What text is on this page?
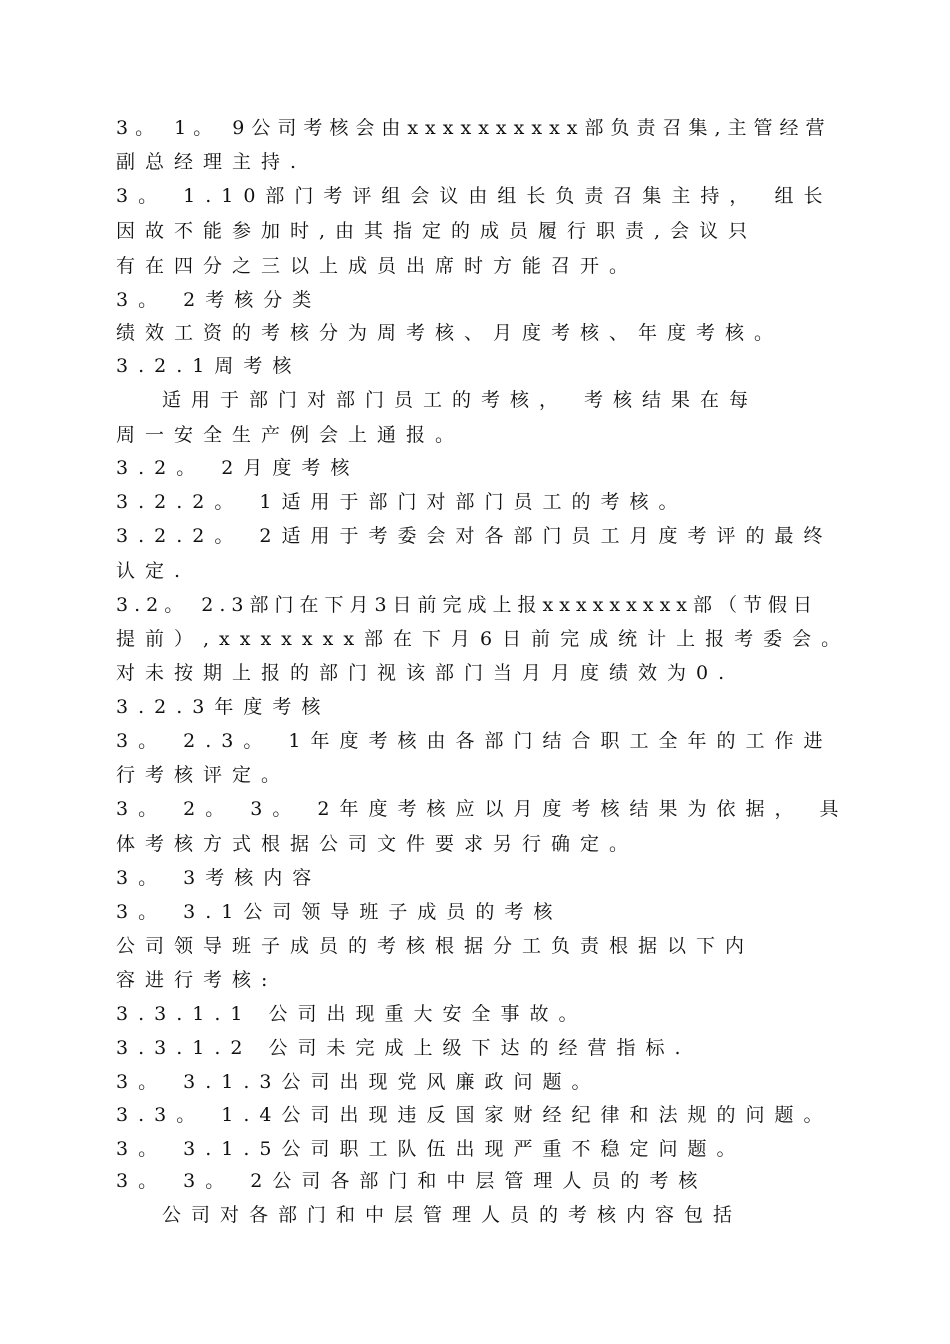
3。 1。 9公司考核会由xxxxxxxxxx部负责召集,主管经营
副总经理主持.
3。 1.10部门考评组会议由组长负责召集主持， 组长
因故不能参加时,由其指定的成员履行职责,会议只
有在四分之三以上成员出席时方能召开。
3。 2考核分类
绩效工资的考核分为周考核、月度考核、年度考核。
3.2.1周考核
适用于部门对部门员工的考核， 考核结果在每
周一安全生产例会上通报。
3.2。 2月度考核
3.2.2。 1适用于部门对部门员工的考核。
3.2.2。 2适用于考委会对各部门员工月度考评的最终
认定.
3.2。 2.3部门在下月3日前完成上报xxxxxxxxx部（节假日
提前）,xxxxxxx部在下月6日前完成统计上报考委会。
对未按期上报的部门视该部门当月月度绩效为0.
3.2.3年度考核
3。 2.3。 1年度考核由各部门结合职工全年的工作进
行考核评定。
3。 2。 3。 2年度考核应以月度考核结果为依据， 具
体考核方式根据公司文件要求另行确定。
3。 3考核内容
3。 3.1公司领导班子成员的考核
公司领导班子成员的考核根据分工负责根据以下内
容进行考核:
3.3.1.1 公司出现重大安全事故。
3.3.1.2 公司未完成上级下达的经营指标.
3。 3.1.3公司出现党风廉政问题。
3.3。 1.4公司出现违反国家财经纪律和法规的问题。
3。 3.1.5公司职工队伍出现严重不稳定问题。
3。 3。 2公司各部门和中层管理人员的考核
公司对各部门和中层管理人员的考核内容包括
